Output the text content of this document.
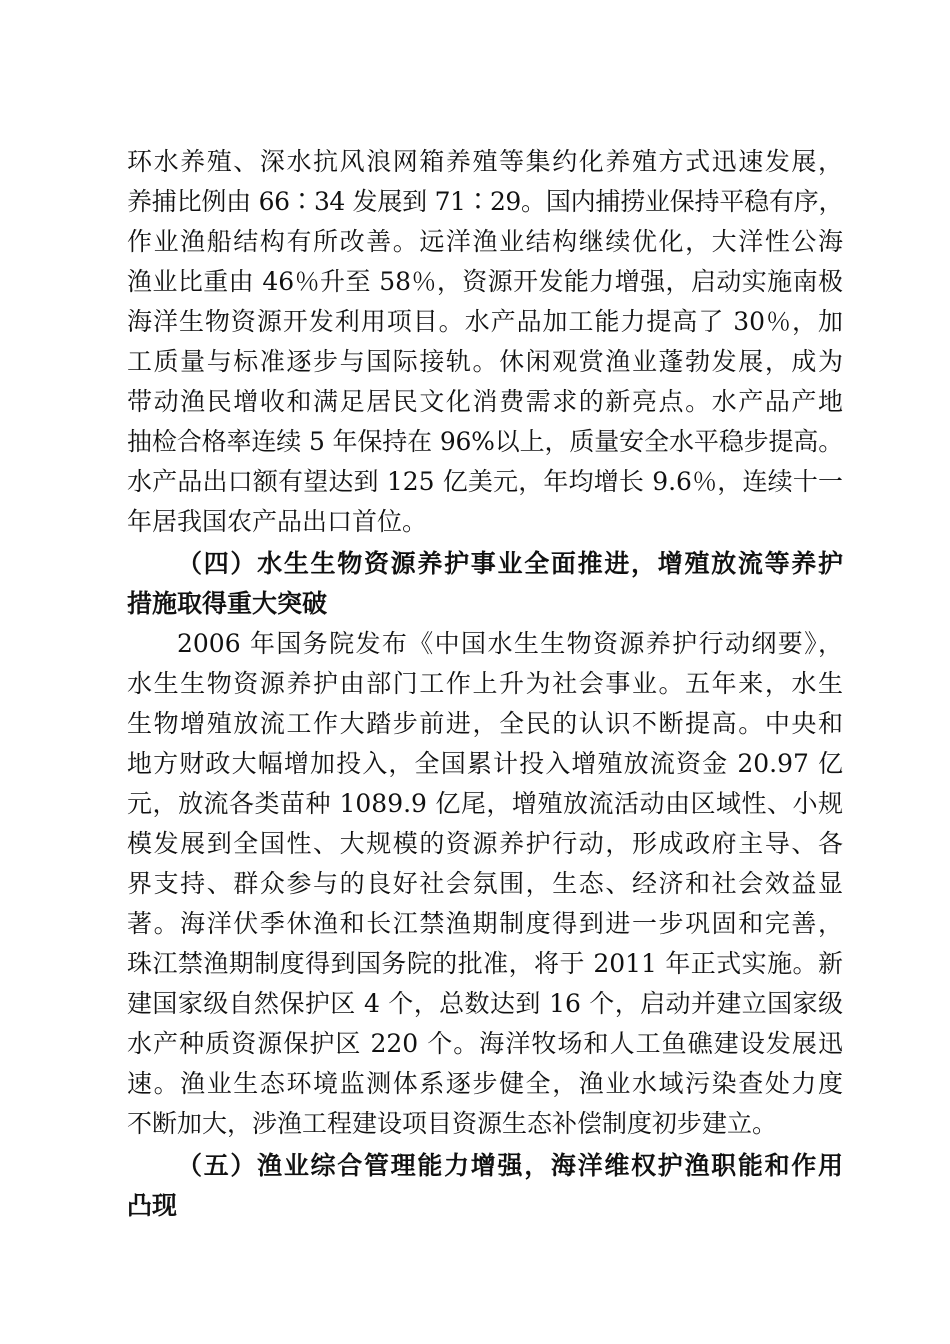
环水养殖、深水抗风浪网箱养殖等集约化养殖方式迅速发展，
养捕比例由 66∶34 发展到 71∶29。国内捕捞业保持平稳有序，
作业渔船结构有所改善。远洋渔业结构继续优化，大洋性公海
渔业比重由 46％升至 58％，资源开发能力增强，启动实施南极
海洋生物资源开发利用项目。水产品加工能力提高了 30％，加
工质量与标准逐步与国际接轨。休闲观赏渔业蓬勃发展，成为
带动渔民增收和满足居民文化消费需求的新亮点。水产品产地
抽检合格率连续 5 年保持在 96%以上，质量安全水平稳步提高。
水产品出口额有望达到 125 亿美元，年均增长 9.6％，连续十一
年居我国农产品出口首位。
（四）水生生物资源养护事业全面推进，增殖放流等养护
措施取得重大突破
2006 年国务院发布《中国水生生物资源养护行动纲要》，
水生生物资源养护由部门工作上升为社会事业。五年来，水生
生物增殖放流工作大踏步前进，全民的认识不断提高。中央和
地方财政大幅增加投入，全国累计投入增殖放流资金 20.97 亿
元，放流各类苗种 1089.9 亿尾，增殖放流活动由区域性、小规
模发展到全国性、大规模的资源养护行动，形成政府主导、各
界支持、群众参与的良好社会氛围，生态、经济和社会效益显
著。海洋伏季休渔和长江禁渔期制度得到进一步巩固和完善，
珠江禁渔期制度得到国务院的批准，将于 2011 年正式实施。新
建国家级自然保护区 4 个，总数达到 16 个，启动并建立国家级
水产种质资源保护区 220 个。海洋牧场和人工鱼礁建设发展迅
速。渔业生态环境监测体系逐步健全，渔业水域污染查处力度
不断加大，涉渔工程建设项目资源生态补偿制度初步建立。
（五）渔业综合管理能力增强，海洋维权护渔职能和作用
凸现
